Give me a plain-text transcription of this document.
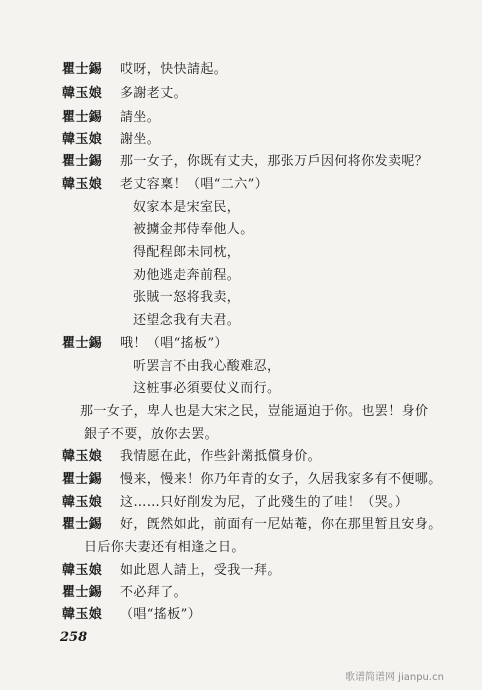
瞿士錫 哎呀，快快請起。
韓玉娘 多謝老丈。
瞿士錫 請坐。
韓玉娘 謝坐。
瞿士錫 那一女子，你既有丈夫，那张万戶因何将你发卖呢？
韓玉娘 老丈容稟！（唱“二六”）
奴家本是宋室民，
被擄金邦侍奉他人。
得配程郎未同枕，
劝他逃走奔前程。
张賊一怒将我卖，
还望念我有夫君。
瞿士錫 哦！（唱“搖板”）
听罢言不由我心酸难忍，
这桩事必須要仗义而行。
那一女子，卑人也是大宋之民，豈能逼迫于你。也罢！身价
銀子不要，放你去罢。
韓玉娘 我情愿在此，作些針黹抵償身价。
瞿士錫 慢来，慢来！你乃年青的女子，久居我家多有不便哪。
韓玉娘 这……只好削发为尼，了此殘生的了哇！（哭。）
瞿士錫 好，旣然如此，前面有一尼姑菴，你在那里暂且安身。
日后你夫妻还有相逢之日。
韓玉娘 如此恩人請上，受我一拜。
瞿士錫 不必拜了。
韓玉娘 （唱“搖板”）
258
歌谱简谱网 jianpu.cn
